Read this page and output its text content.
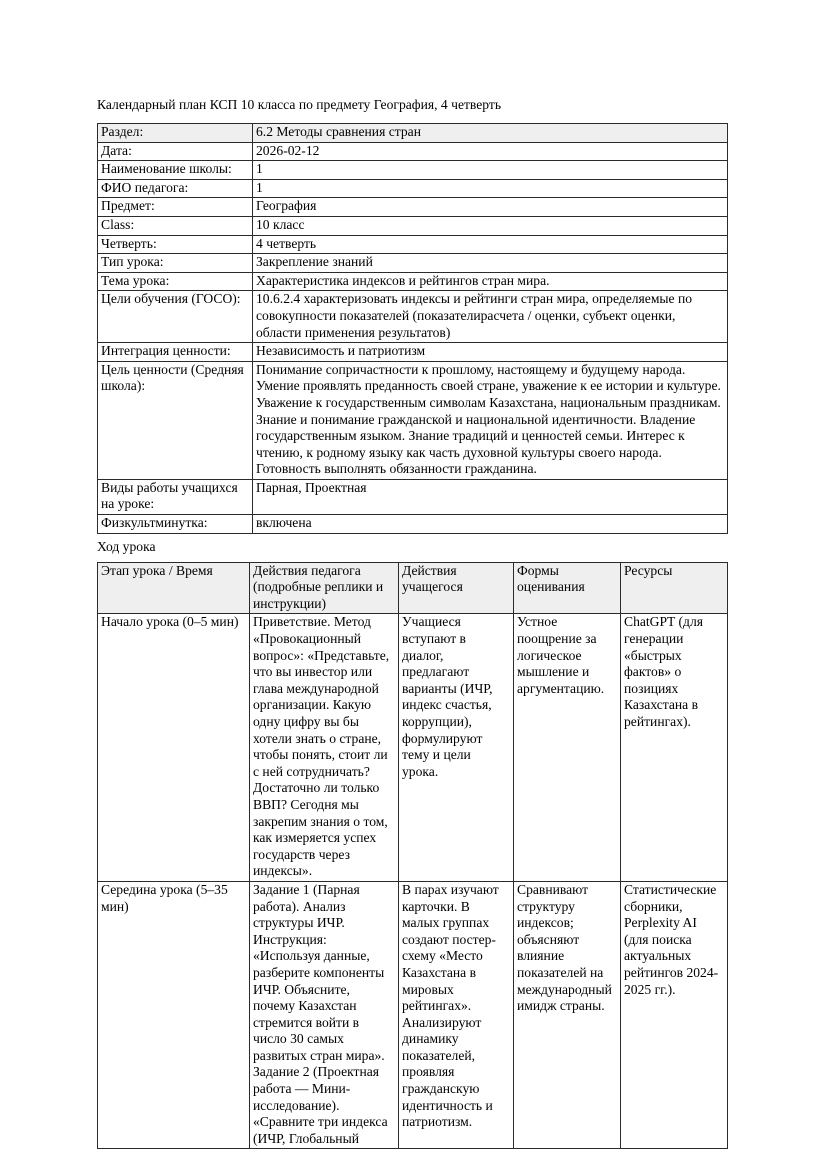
Календарный план КСП 10 класса по предмету География, 4 четверть
Раздел:	6.2 Методы сравнения стран
Дата:	2026-02-12
Наименование школы:	1
ФИО педагога:	1
Предмет:	География
Class:	10 класс
Четверть:	4 четверть
Тип урока:	Закрепление знаний
Тема урока:	Характеристика индексов и рейтингов стран мира.
Цели обучения (ГОСО):	10.6.2.4 характеризовать индексы и рейтинги стран мира, определяемые по совокупности показателей (показателирасчета / оценки, субъект оценки, области применения результатов)
Интеграция ценности:	Независимость и патриотизм
Цель ценности (Средняя школа):	Понимание сопричастности к прошлому, настоящему и будущему народа. Умение проявлять преданность своей стране, уважение к ее истории и культуре. Уважение к государственным символам Казахстана, национальным праздникам. Знание и понимание гражданской и национальной идентичности. Владение государственным языком. Знание традиций и ценностей семьи. Интерес к чтению, к родному языку как часть духовной культуры своего народа. Готовность выполнять обязанности гражданина.
Виды работы учащихся на уроке:	Парная, Проектная
Физкультминутка:	включена
Ход урока
Этап урока / Время	Действия педагога (подробные реплики и инструкции)	Действия учащегося	Формы оценивания	Ресурсы
Начало урока (0–5 мин)	Приветствие. Метод «Провокационный вопрос»: «Представьте, что вы инвестор или глава международной организации. Какую одну цифру вы бы хотели знать о стране, чтобы понять, стоит ли с ней сотрудничать? Достаточно ли только ВВП? Сегодня мы закрепим знания о том, как измеряется успех государств через индексы».	Учащиеся вступают в диалог, предлагают варианты (ИЧР, индекс счастья, коррупции), формулируют тему и цели урока.	Устное поощрение за логическое мышление и аргументацию.	ChatGPT (для генерации «быстрых фактов» о позициях Казахстана в рейтингах).
Середина урока (5–35 мин)	Задание 1 (Парная работа). Анализ структуры ИЧР. Инструкция: «Используя данные, разберите компоненты ИЧР. Объясните, почему Казахстан стремится войти в число 30 самых развитых стран мира». Задание 2 (Проектная работа — Мини-исследование). «Сравните три индекса (ИЧР, Глобальный	В парах изучают карточки. В малых группах создают постер-схему «Место Казахстана в мировых рейтингах». Анализируют динамику показателей, проявляя гражданскую идентичность и патриотизм.	Сравнивают структуру индексов; объясняют влияние показателей на международный имидж страны.	Статистические сборники, Perplexity AI (для поиска актуальных рейтингов 2024-2025 гг.).
